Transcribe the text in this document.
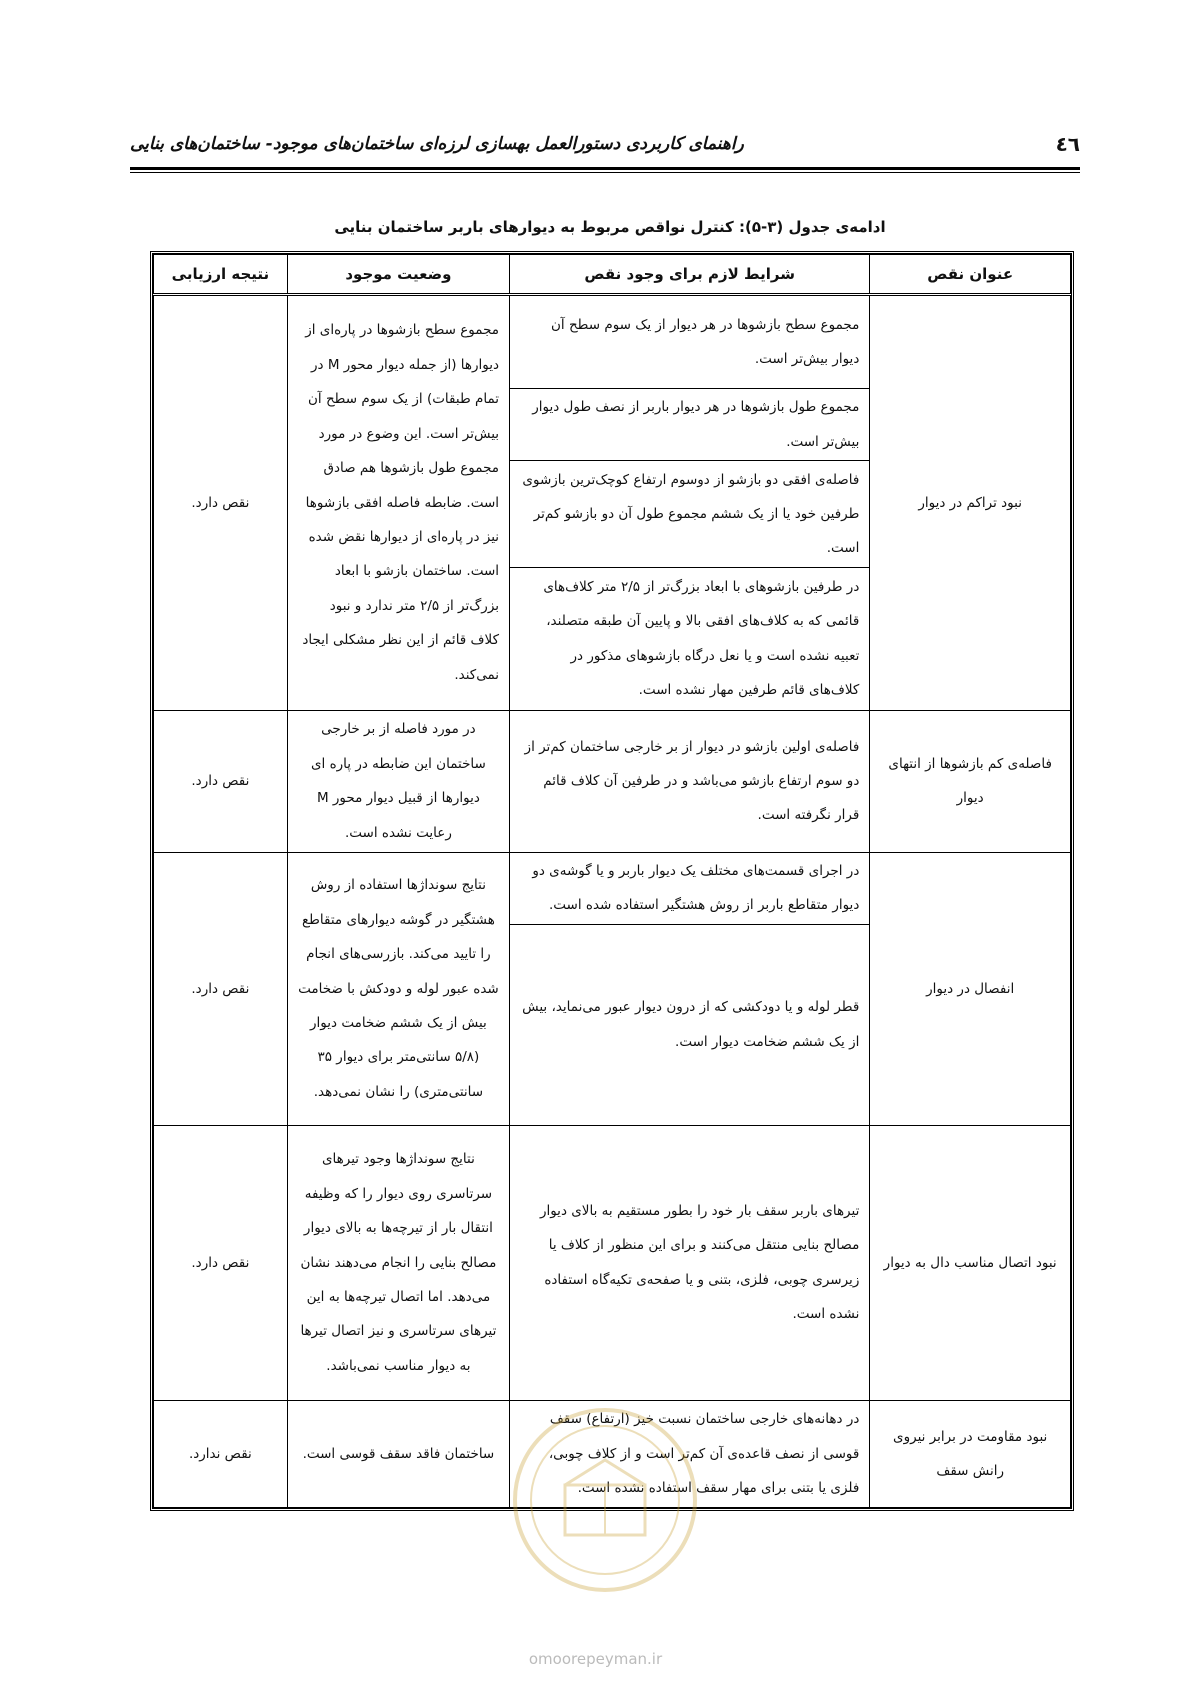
٤٦
راهنمای کاربردی دستورالعمل بهسازی لرزه‌ای ساختمان‌های موجود- ساختمان‌های بنایی
ادامه‌ی جدول (۳-۵): کنترل نواقص مربوط به دیوارهای باربر ساختمان بنایی
عنوان نقص	شرایط لازم برای وجود نقص	وضعیت موجود	نتیجه ارزیابی
نبود تراکم در دیوار	مجموع سطح بازشوها در هر دیوار از یک سوم سطح آن دیوار بیش‌تر است.	مجموع سطح بازشوها در پاره‌ای از دیوارها (از جمله دیوار محور M در تمام طبقات) از یک سوم سطح آن بیش‌تر است. این وضوع در مورد مجموع طول بازشوها هم صادق است. ضابطه فاصله افقی بازشوها نیز در پاره‌ای از دیوارها نقض شده است. ساختمان بازشو با ابعاد بزرگ‌تر از ۲/۵ متر ندارد و نبود کلاف قائم از این نظر مشکلی ایجاد نمی‌کند.	نقص دارد.
	مجموع طول بازشوها در هر دیوار باربر از نصف طول دیوار بیش‌تر است.		
	فاصله‌ی افقی دو بازشو از دوسوم ارتفاع کوچک‌ترین بازشوی طرفین خود یا از یک ششم مجموع طول آن دو بازشو کم‌تر است.		
	در طرفین بازشوهای با ابعاد بزرگ‌تر از ۲/۵ متر کلاف‌های قائمی که به کلاف‌های افقی بالا و پایین آن طبقه متصلند، تعبیه نشده است و یا نعل درگاه بازشوهای مذکور در کلاف‌های قائم طرفین مهار نشده است.		
فاصله‌ی کم بازشوها از انتهای دیوار	فاصله‌ی اولین بازشو در دیوار از بر خارجی ساختمان کم‌تر از دو سوم ارتفاع بازشو می‌باشد و در طرفین آن کلاف قائم قرار نگرفته است.	در مورد فاصله از بر خارجی ساختمان این ضابطه در پاره ای دیوارها از قبیل دیوار محور M رعایت نشده است.	نقص دارد.
انفصال در دیوار	در اجرای قسمت‌های مختلف یک دیوار باربر و یا گوشه‌ی دو دیوار متقاطع باربر از روش هشتگیر استفاده شده است.	نتایج سونداژها استفاده از روش هشتگیر در گوشه دیوارهای متقاطع را تایید می‌کند. بازرسی‌های انجام شده عبور لوله و دودکش با ضخامت بیش از یک ششم ضخامت دیوار (۵/۸ سانتی‌متر برای دیوار ۳۵ سانتی‌متری) را نشان نمی‌دهد.	نقص دارد.
	قطر لوله و یا دودکشی که از درون دیوار عبور می‌نماید، بیش از یک ششم ضخامت دیوار است.		
نبود اتصال مناسب دال به دیوار	تیرهای باربر سقف بار خود را بطور مستقیم به بالای دیوار مصالح بنایی منتقل می‌کنند و برای این منظور از کلاف یا زیرسری چوبی، فلزی، بتنی و یا صفحه‌ی تکیه‌گاه استفاده نشده است.	نتایج سونداژها وجود تیرهای سرتاسری روی دیوار را که وظیفه انتقال بار از تیرچه‌ها به بالای دیوار مصالح بنایی را انجام می‌دهند نشان می‌دهد. اما اتصال تیرچه‌ها به این تیرهای سرتاسری و نیز اتصال تیرها به دیوار مناسب نمی‌باشد.	نقص دارد.
نبود مقاومت در برابر نیروی رانش سقف	در دهانه‌های خارجی ساختمان نسبت خیز (ارتفاع) سقف قوسی از نصف قاعده‌ی آن کم‌تر است و از کلاف چوبی، فلزی یا بتنی برای مهار سقف استفاده نشده است.	ساختمان فاقد سقف قوسی است.	نقص ندارد.
omoorepeyman.ir
